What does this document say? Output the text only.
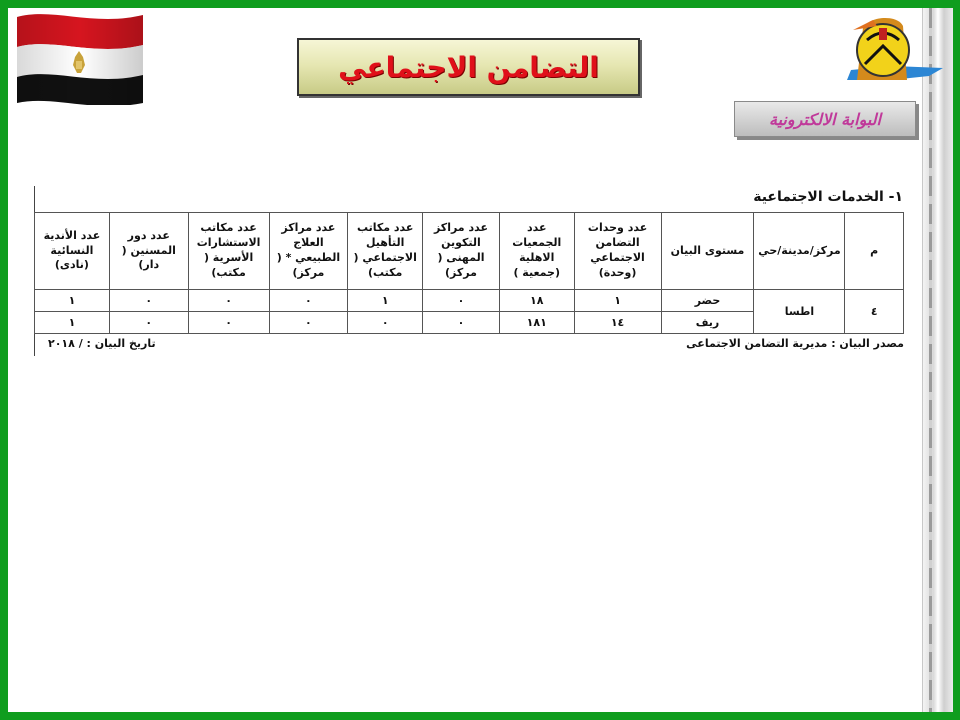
التضامن الاجتماعي
البوابة الالكترونية
١- الخدمات الاجتماعية
م	مركز/مدينة/حي	مستوى البيان	عدد وحدات التضامن الاجتماعي (وحدة)	عدد الجمعيات الاهلية (جمعية )	عدد مراكز التكوين المهنى ( مركز)	عدد مكاتب التأهيل الاجتماعي ( مكتب)	عدد مراكز العلاج الطبيعي * ( مركز)	عدد مكاتب الاستشارات الأسرية ( مكتب)	عدد دور المسنين ( دار)	عدد الأندية النسائية (نادى)
٤	اطسا	حضر	١	١٨	٠	١	٠	٠	٠	١
		ريف	١٤	١٨١	٠	٠	٠	٠	٠	١
مصدر البيان : مديرية التضامن الاجتماعى
تاريخ البيان : / ٢٠١٨
